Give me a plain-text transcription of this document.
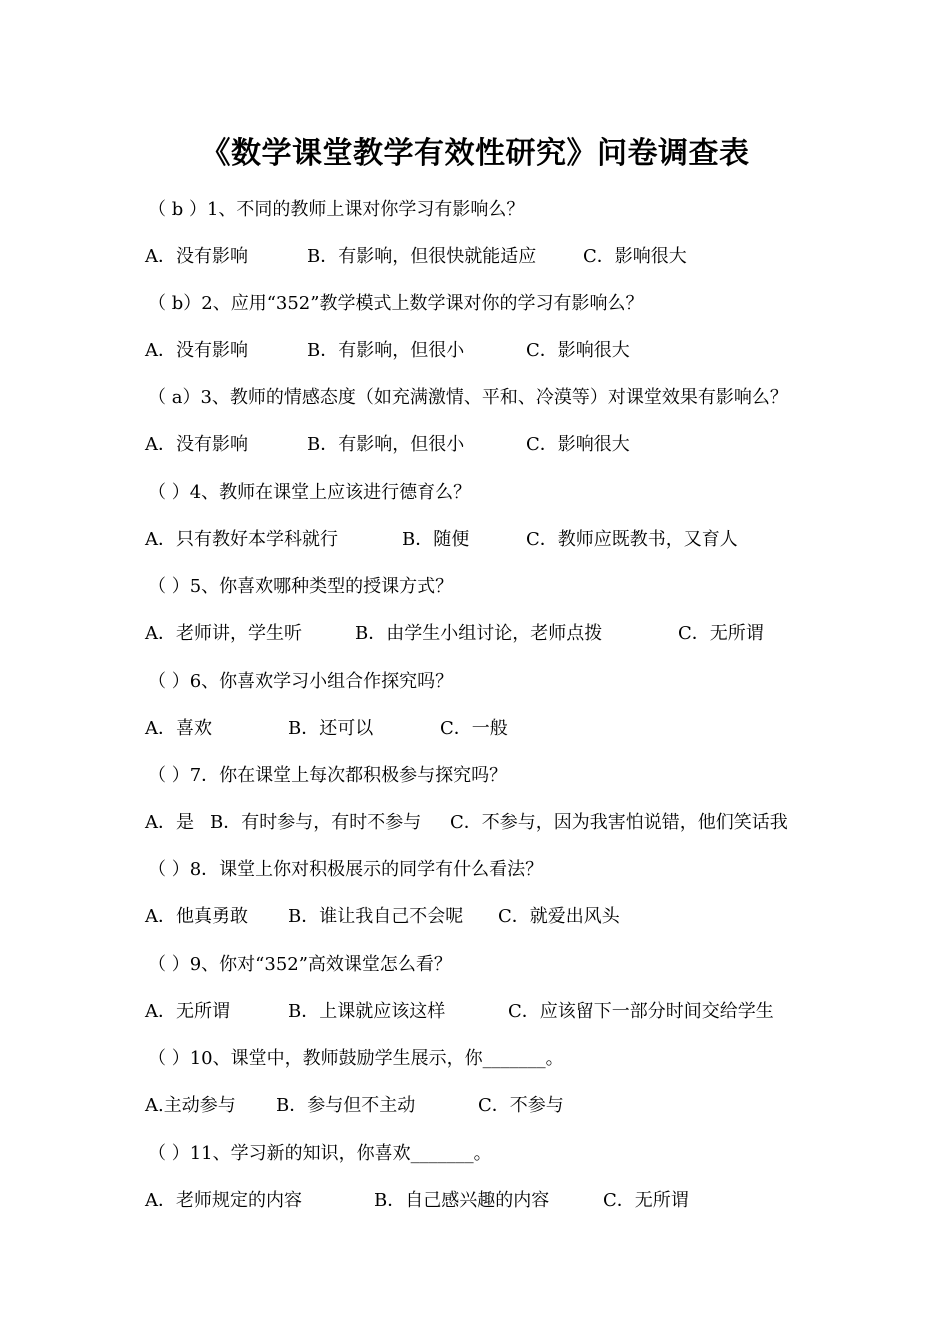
《数学课堂教学有效性研究》问卷调查表
（ b ）1、不同的教师上课对你学习有影响么？
A．没有影响	B．有影响，但很快就能适应	C．影响很大
（ b）2、应用“352”教学模式上数学课对你的学习有影响么？
A．没有影响	B．有影响，但很小	C．影响很大
（ a）3、教师的情感态度（如充满激情、平和、冷漠等）对课堂效果有影响么？
A．没有影响	B．有影响，但很小	C．影响很大
（ ）4、教师在课堂上应该进行德育么？
A．只有教好本学科就行	B．随便	C．教师应既教书，又育人
（ ）5、你喜欢哪种类型的授课方式？
A．老师讲，学生听	B．由学生小组讨论，老师点拨	C．无所谓
（ ）6、你喜欢学习小组合作探究吗？
A．喜欢	B．还可以	C．一般
（ ）7．你在课堂上每次都积极参与探究吗？
A．是 B．有时参与，有时不参与 C．不参与，因为我害怕说错，他们笑话我
（ ）8．课堂上你对积极展示的同学有什么看法？
A．他真勇敢 B．谁让我自己不会呢 C．就爱出风头
（ ）9、你对“352”高效课堂怎么看？
A．无所谓	B．上课就应该这样	C．应该留下一部分时间交给学生
（ ）10、课堂中，教师鼓励学生展示，你_______。
A.主动参与 B．参与但不主动	C．不参与
（ ）11、学习新的知识，你喜欢_______。
A．老师规定的内容	B．自己感兴趣的内容	C．无所谓
